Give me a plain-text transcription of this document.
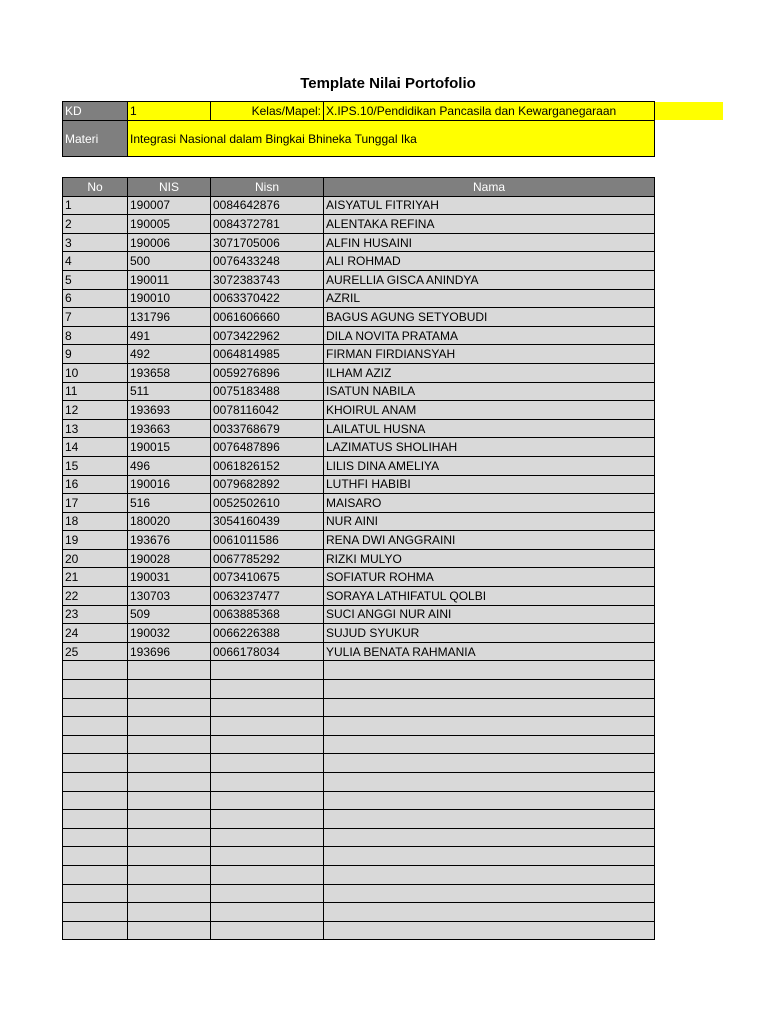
Template Nilai Portofolio
KD	1	Kelas/Mapel:	X.IPS.10/Pendidikan Pancasila dan Kewarganegaraan
Materi	Integrasi Nasional dalam Bingkai Bhineka Tunggal Ika		
No	NIS	Nisn	Nama
1	190007	0084642876	AISYATUL FITRIYAH
2	190005	0084372781	ALENTAKA REFINA
3	190006	3071705006	ALFIN HUSAINI
4	500	0076433248	ALI ROHMAD
5	190011	3072383743	AURELLIA GISCA ANINDYA
6	190010	0063370422	AZRIL
7	131796	0061606660	BAGUS AGUNG SETYOBUDI
8	491	0073422962	DILA NOVITA PRATAMA
9	492	0064814985	FIRMAN FIRDIANSYAH
10	193658	0059276896	ILHAM AZIZ
11	511	0075183488	ISATUN NABILA
12	193693	0078116042	KHOIRUL ANAM
13	193663	0033768679	LAILATUL HUSNA
14	190015	0076487896	LAZIMATUS SHOLIHAH
15	496	0061826152	LILIS DINA AMELIYA
16	190016	0079682892	LUTHFI HABIBI
17	516	0052502610	MAISARO
18	180020	3054160439	NUR AINI
19	193676	0061011586	RENA DWI ANGGRAINI
20	190028	0067785292	RIZKI MULYO
21	190031	0073410675	SOFIATUR ROHMA
22	130703	0063237477	SORAYA LATHIFATUL QOLBI
23	509	0063885368	SUCI ANGGI NUR AINI
24	190032	0066226388	SUJUD SYUKUR
25	193696	0066178034	YULIA BENATA RAHMANIA
